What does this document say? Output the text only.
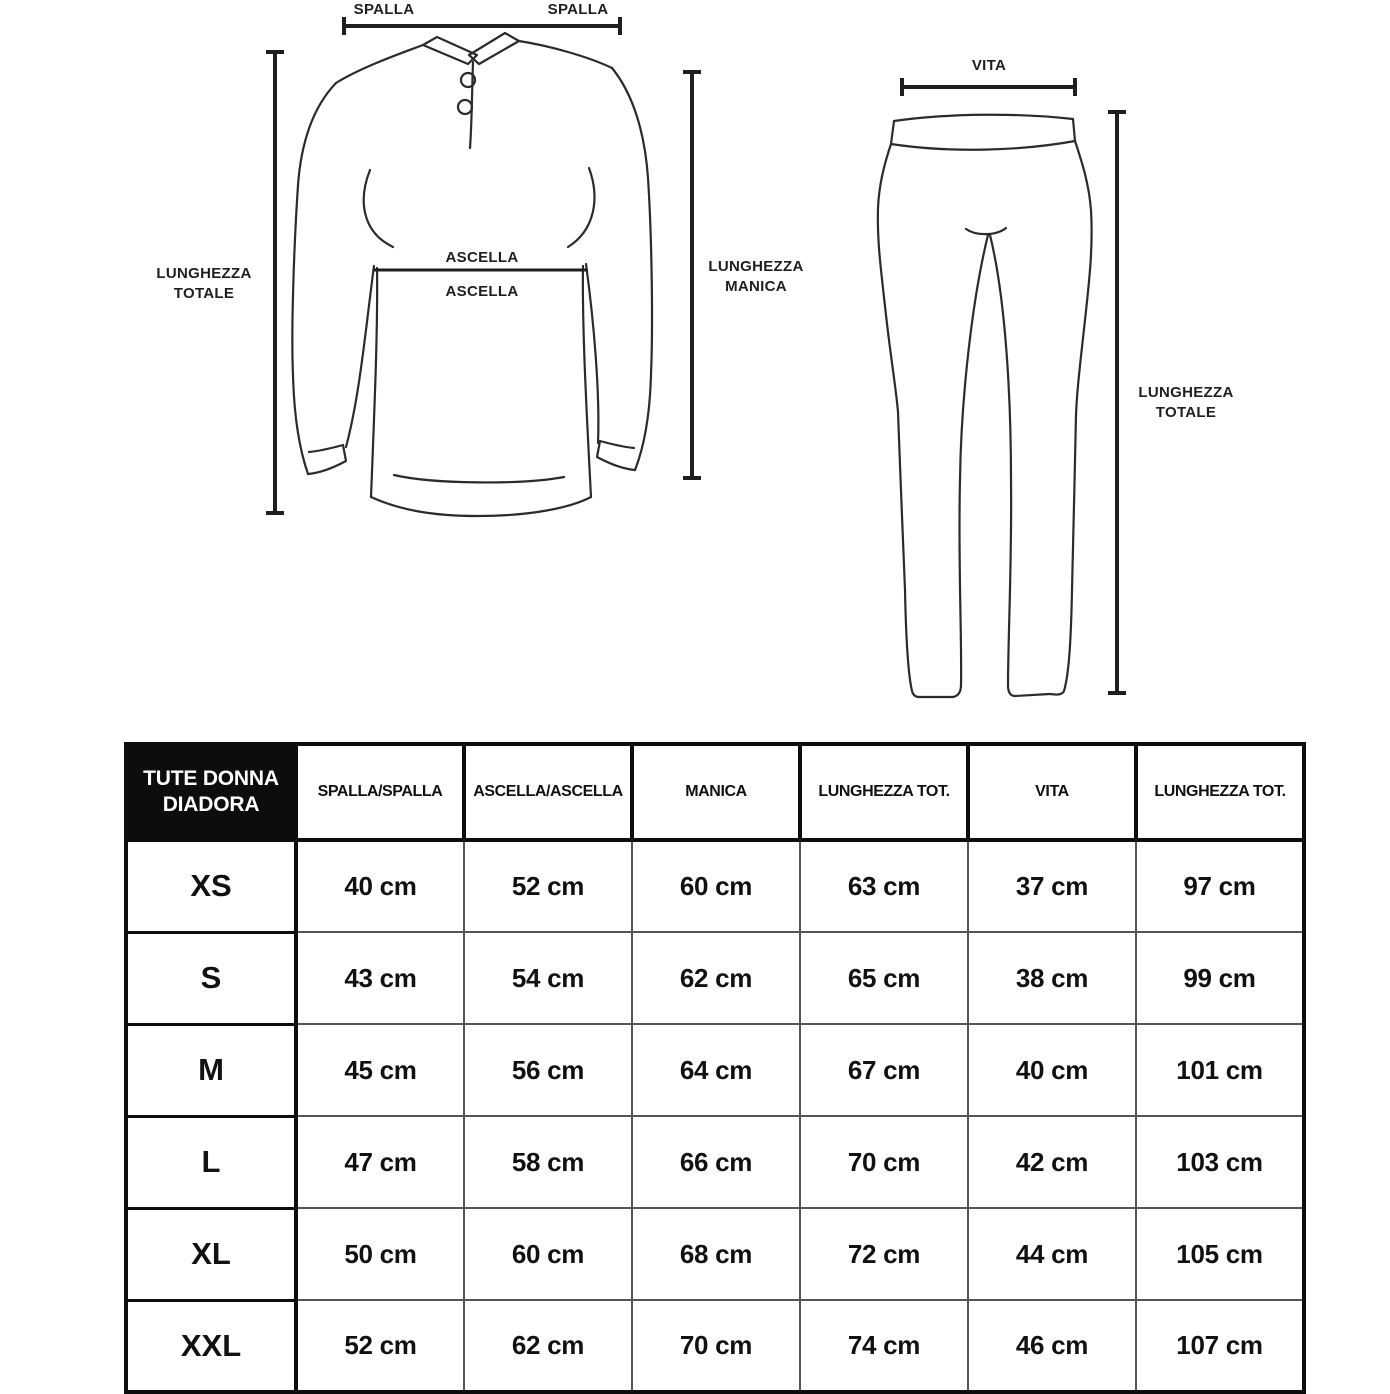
SPALLA	SPALLA
LUNGHEZZA
TOTALE
ASCELLA
ASCELLA
LUNGHEZZA
MANICA
VITA
LUNGHEZZA
TOTALE
TUTE DONNA
DIADORA	SPALLA/SPALLA	ASCELLA/ASCELLA	MANICA	LUNGHEZZA TOT.	VITA	LUNGHEZZA TOT.
XS	40 cm	52 cm	60 cm	63 cm	37 cm	97 cm
S	43 cm	54 cm	62 cm	65 cm	38 cm	99 cm
M	45 cm	56 cm	64 cm	67 cm	40 cm	101 cm
L	47 cm	58 cm	66 cm	70 cm	42 cm	103 cm
XL	50 cm	60 cm	68 cm	72 cm	44 cm	105 cm
XXL	52 cm	62 cm	70 cm	74 cm	46 cm	107 cm
